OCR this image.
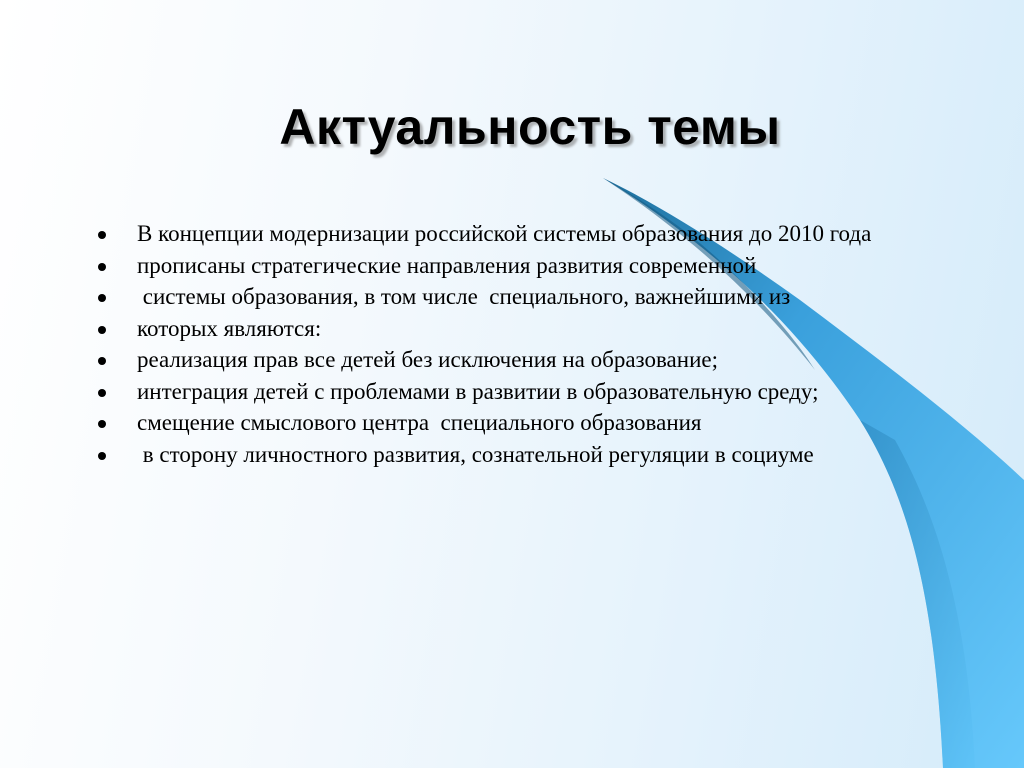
Актуальность темы
В концепции модернизации российской системы образования до 2010 года
прописаны стратегические направления развития современной
системы образования, в том числе  специального, важнейшими из
которых являются:
реализация прав все детей без исключения на образование;
интеграция детей с проблемами в развитии в образовательную среду;
смещение смыслового центра  специального образования
в сторону личностного развития, сознательной регуляции в социуме
